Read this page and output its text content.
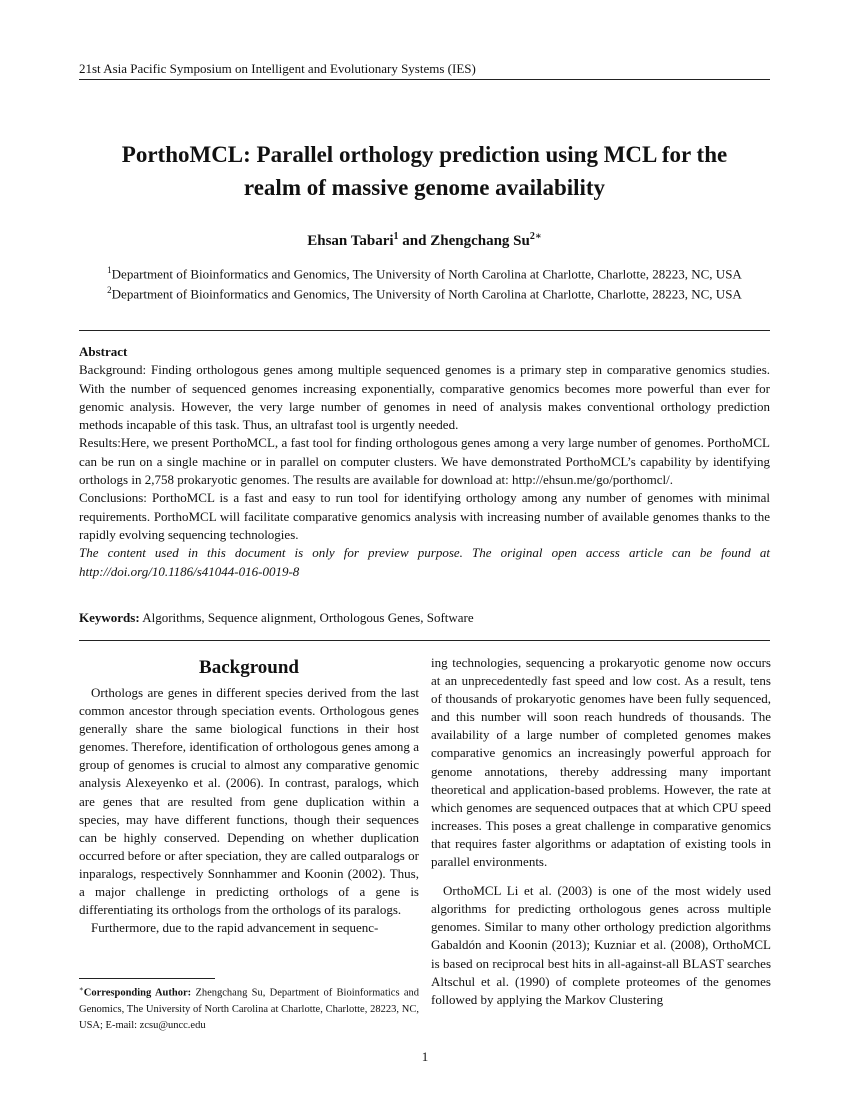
21st Asia Pacific Symposium on Intelligent and Evolutionary Systems (IES)
PorthoMCL: Parallel orthology prediction using MCL for the
realm of massive genome availability
Ehsan Tabari$^1$ and Zhengchang $Su^{2∗}$
$^1$Department of Bioinformatics and Genomics, The University of North Carolina at Charlotte, Charlotte, 28223, NC, USA
$^2$Department of Bioinformatics and Genomics, The University of North Carolina at Charlotte, Charlotte, 28223, NC, USA

Abstract

Background: Finding orthologous genes among multiple sequenced genomes is a primary step in comparative genomics studies. With the number of sequenced genomes increasing exponentially, comparative genomics becomes more powerful than ever for genomic analysis. However, the very large number of genomes in need of analysis makes conventional orthology prediction methods incapable of this task. Thus, an ultrafast tool is urgently needed.

Results:Here, we present PorthoMCL, a fast tool for finding orthologous genes among a very large number of genomes. PorthoMCL can be run on a single machine or in parallel on computer clusters. We have demonstrated PorthoMCL’s capability by identifying orthologs in 2,758 prokaryotic genomes. The results are available for download at: http://ehsun.me/go/porthomcl/.

Conclusions: PorthoMCL is a fast and easy to run tool for identifying orthology among any number of genomes with minimal requirements. PorthoMCL will facilitate comparative genomics analysis with increasing number of available genomes thanks to the rapidly evolving sequencing technologies.

The content used in this document is only for preview purpose. The original open access article can be found at http://doi.org/10.1186/s41044-016-0019-8

Keywords: Algorithms, Sequence alignment, Orthologous Genes, Software
Background

Orthologs are genes in different species derived from the last common ancestor through speciation events. Orthologous genes generally share the same biological functions in their host genomes. Therefore, identification of orthologous genes among a group of genomes is crucial to almost any comparative genomic analysis Alexeyenko et al. (2006). In contrast, paralogs, which are genes that are resulted from gene duplication within a species, may have different functions, though their sequences can be highly conserved. Depending on whether duplication occurred before or after speciation, they are called outparalogs or inparalogs, respectively Sonnhammer and Koonin (2002). Thus, a major challenge in predicting orthologs of a gene is differentiating its orthologs from the orthologs of its paralogs.

Furthermore, due to the rapid advancement in sequenc-

ing technologies, sequencing a prokaryotic genome now occurs at an unprecedentedly fast speed and low cost. As a result, tens of thousands of prokaryotic genomes have been fully sequenced, and this number will soon reach hundreds of thousands. The availability of a large number of completed genomes makes comparative genomics an increasingly powerful approach for genome annotations, thereby addressing many important theoretical and application-based problems. However, the rate at which genomes are sequenced outpaces that at which CPU speed increases. This poses a great challenge in comparative genomics that requires faster algorithms or adaptation of existing tools in parallel environments.

OrthoMCL Li et al. (2003) is one of the most widely used algorithms for predicting orthologous genes across multiple genomes. Similar to many other orthology prediction algorithms Gabaldón and Koonin (2013); Kuzniar et al. (2008), OrthoMCL is based on reciprocal best hits in all-against-all BLAST searches Altschul et al. (1990) of complete proteomes of the genomes followed by applying the Markov Clustering

∗Corresponding Author: Zhengchang Su, Department of Bioinformatics and Genomics, The University of North Carolina at Charlotte, Charlotte, 28223, NC, USA; E-mail: zcsu@uncc.edu
1
